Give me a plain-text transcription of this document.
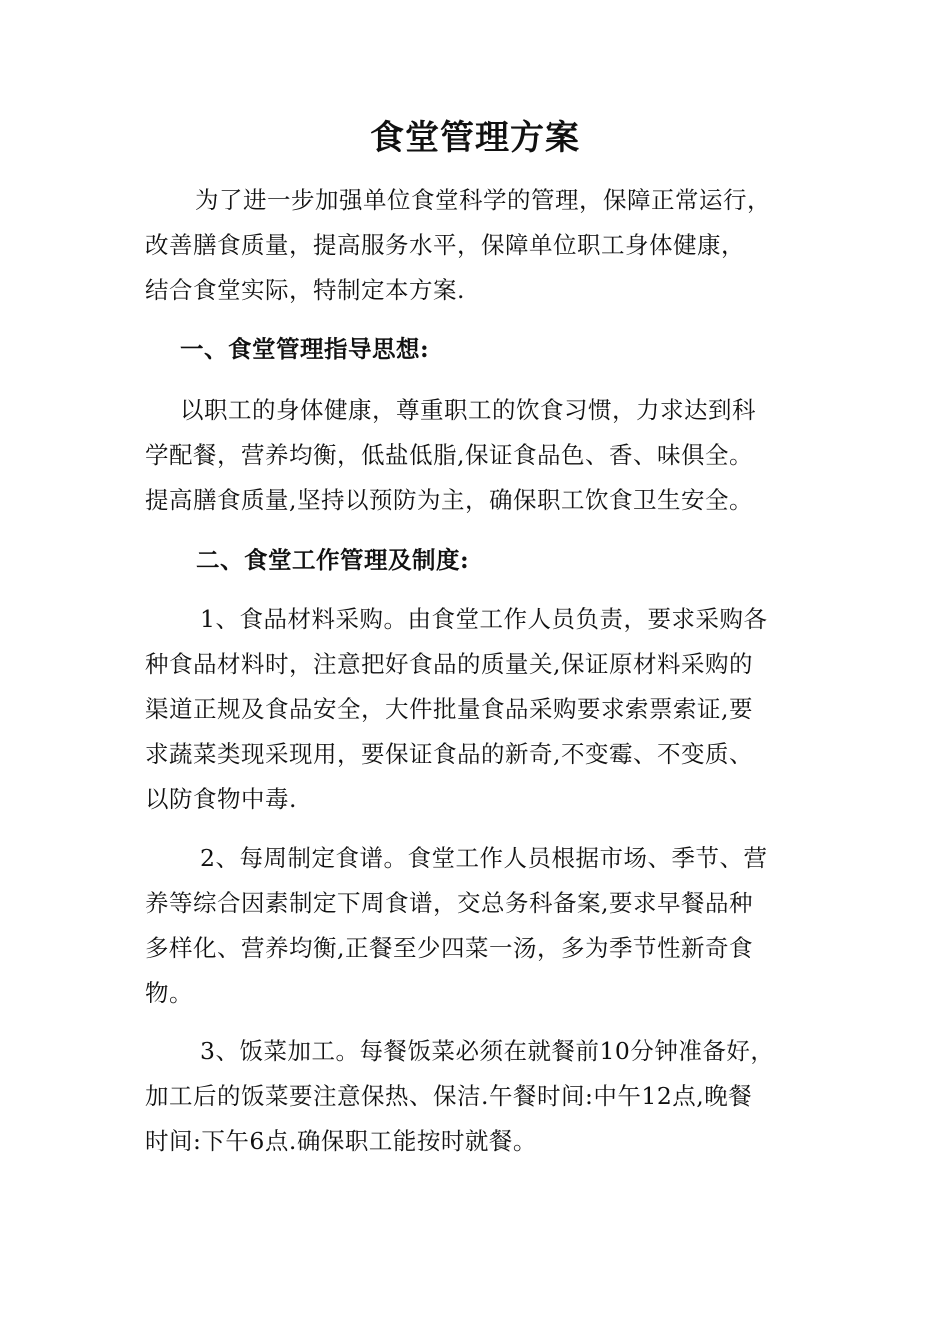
食堂管理方案

为了进一步加强单位食堂科学的管理，保障正常运行，
改善膳食质量，提高服务水平，保障单位职工身体健康，
结合食堂实际，特制定本方案.

一、食堂管理指导思想:

以职工的身体健康，尊重职工的饮食习惯，力求达到科
学配餐，营养均衡，低盐低脂,保证食品色、香、味俱全。
提高膳食质量,坚持以预防为主，确保职工饮食卫生安全。

二、食堂工作管理及制度:

1、食品材料采购。由食堂工作人员负责，要求采购各
种食品材料时，注意把好食品的质量关,保证原材料采购的
渠道正规及食品安全，大件批量食品采购要求索票索证,要
求蔬菜类现采现用，要保证食品的新奇,不变霉、不变质、
以防食物中毒.

2、每周制定食谱。食堂工作人员根据市场、季节、营
养等综合因素制定下周食谱，交总务科备案,要求早餐品种
多样化、营养均衡,正餐至少四菜一汤，多为季节性新奇食
物。

3、饭菜加工。每餐饭菜必须在就餐前10分钟准备好，
加工后的饭菜要注意保热、保洁.午餐时间:中午12点,晚餐
时间:下午6点.确保职工能按时就餐。
